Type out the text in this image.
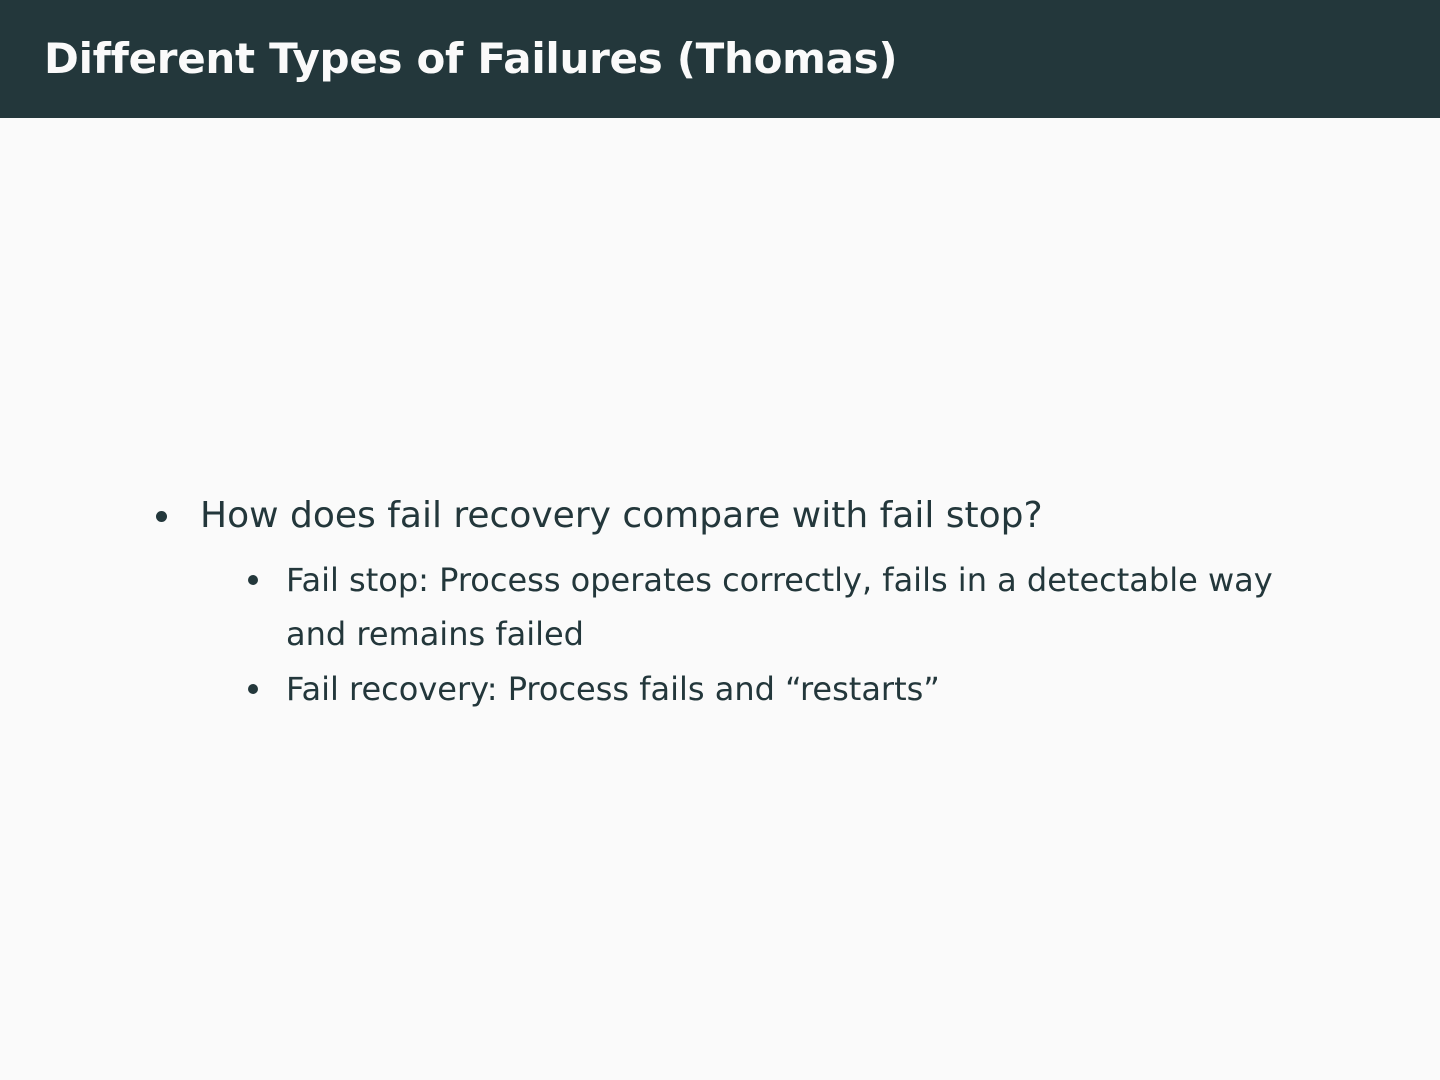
Different Types of Failures (Thomas)
How does fail recovery compare with fail stop?
Fail stop: Process operates correctly, fails in a detectable way and remains failed
Fail recovery: Process fails and “restarts”
